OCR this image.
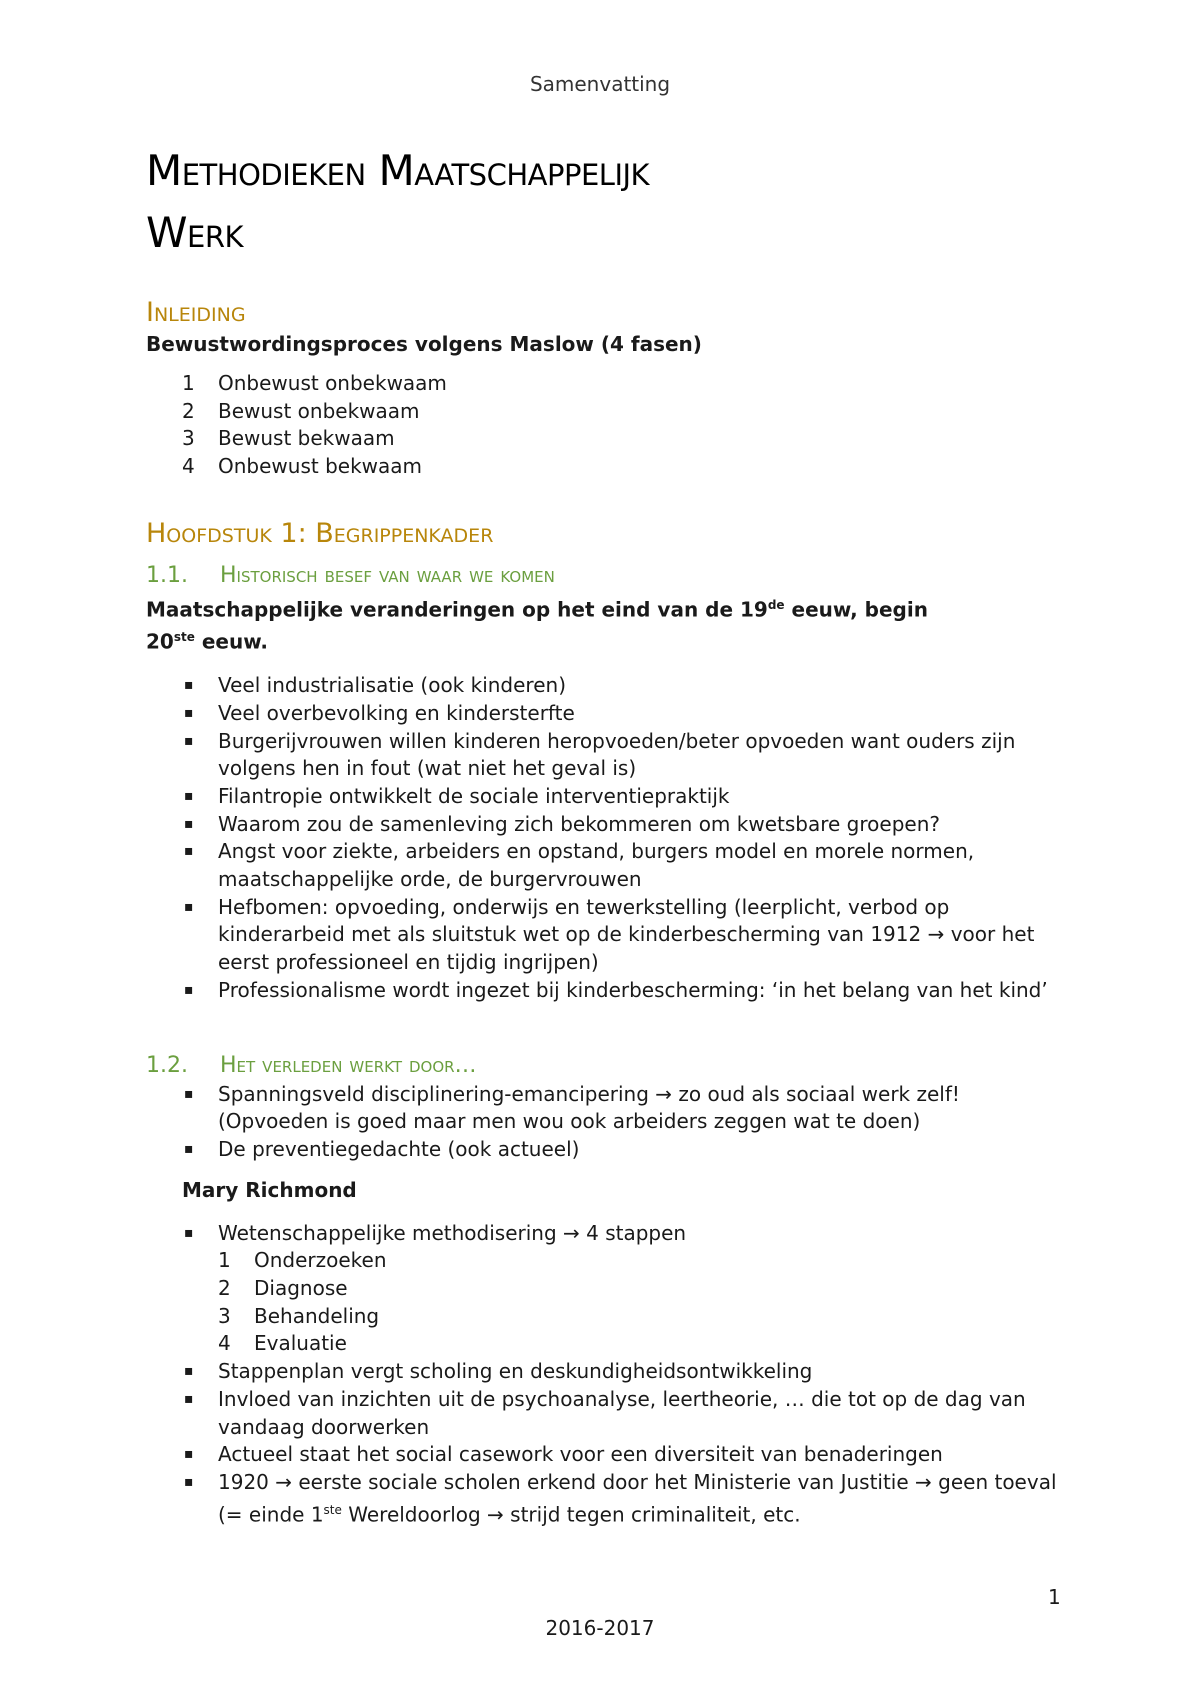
Samenvatting
Methodieken Maatschappelijk
Werk
Inleiding

Bewustwordingsproces volgens Maslow (4 fasen)

1	Onbewust onbekwaam
2	Bewust onbekwaam
3	Bewust bekwaam
4	Onbewust bekwaam
Hoofdstuk 1: Begrippenkader
1.1. Historisch besef van waar we komen

Maatschappelijke veranderingen op het eind van de 19de eeuw, begin
20ste eeuw.

▪ Veel industrialisatie (ook kinderen)
▪ Veel overbevolking en kindersterfte
▪ Burgerijvrouwen willen kinderen heropvoeden/beter opvoeden want ouders zijn volgens hen in fout (wat niet het geval is)
▪ Filantropie ontwikkelt de sociale interventiepraktijk
▪ Waarom zou de samenleving zich bekommeren om kwetsbare groepen?
▪ Angst voor ziekte, arbeiders en opstand, burgers model en morele normen, maatschappelijke orde, de burgervrouwen
▪ Hefbomen: opvoeding, onderwijs en tewerkstelling (leerplicht, verbod op kinderarbeid met als sluitstuk wet op de kinderbescherming van 1912 → voor het eerst professioneel en tijdig ingrijpen)
▪ Professionalisme wordt ingezet bij kinderbescherming: ‘in het belang van het kind’
1.2. Het verleden werkt door…
▪ Spanningsveld disciplinering-emancipering → zo oud als sociaal werk zelf! (Opvoeden is goed maar men wou ook arbeiders zeggen wat te doen)
▪ De preventiegedachte (ook actueel)

Mary Richmond

▪ Wetenschappelijke methodisering → 4 stappen
1	Onderzoeken
2	Diagnose
3	Behandeling
4	Evaluatie
▪ Stappenplan vergt scholing en deskundigheidsontwikkeling
▪ Invloed van inzichten uit de psychoanalyse, leertheorie, … die tot op de dag van vandaag doorwerken
▪ Actueel staat het social casework voor een diversiteit van benaderingen
▪ 1920 → eerste sociale scholen erkend door het Ministerie van Justitie → geen toeval (= einde 1ste Wereldoorlog → strijd tegen criminaliteit, etc.
1
2016-2017
